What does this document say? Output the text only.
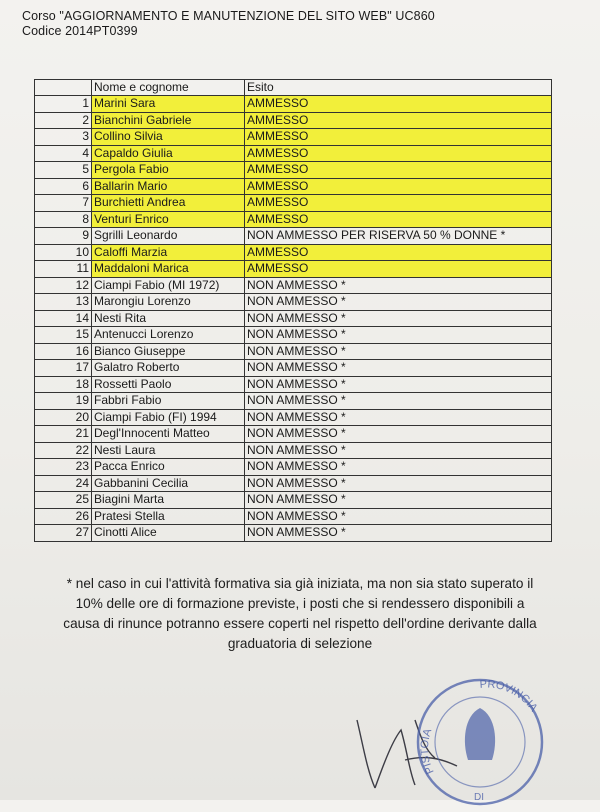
Corso "AGGIORNAMENTO E MANUTENZIONE DEL SITO WEB" UC860
Codice 2014PT0399
	Nome e cognome	Esito
1	Marini Sara	AMMESSO
2	Bianchini Gabriele	AMMESSO
3	Collino Silvia	AMMESSO
4	Capaldo Giulia	AMMESSO
5	Pergola Fabio	AMMESSO
6	Ballarin Mario	AMMESSO
7	Burchietti Andrea	AMMESSO
8	Venturi Enrico	AMMESSO
9	Sgrilli Leonardo	NON AMMESSO PER RISERVA 50 % DONNE *
10	Caloffi Marzia	AMMESSO
11	Maddaloni Marica	AMMESSO
12	Ciampi Fabio (MI 1972)	NON AMMESSO *
13	Marongiu Lorenzo	NON AMMESSO *
14	Nesti Rita	NON AMMESSO *
15	Antenucci Lorenzo	NON AMMESSO *
16	Bianco Giuseppe	NON AMMESSO *
17	Galatro Roberto	NON AMMESSO *
18	Rossetti Paolo	NON AMMESSO *
19	Fabbri Fabio	NON AMMESSO *
20	Ciampi Fabio (FI) 1994	NON AMMESSO *
21	Degl'Innocenti Matteo	NON AMMESSO *
22	Nesti Laura	NON AMMESSO *
23	Pacca Enrico	NON AMMESSO *
24	Gabbanini Cecilia	NON AMMESSO *
25	Biagini Marta	NON AMMESSO *
26	Pratesi Stella	NON AMMESSO *
27	Cinotti Alice	NON AMMESSO *
* nel caso in cui l'attività formativa sia già iniziata, ma non sia stato superato il
10% delle ore di formazione previste, i posti che si rendessero disponibili a
causa di rinunce potranno essere coperti nel rispetto dell'ordine derivante dalla
graduatoria di selezione
PROVINCIA
PISTOIA
DI
